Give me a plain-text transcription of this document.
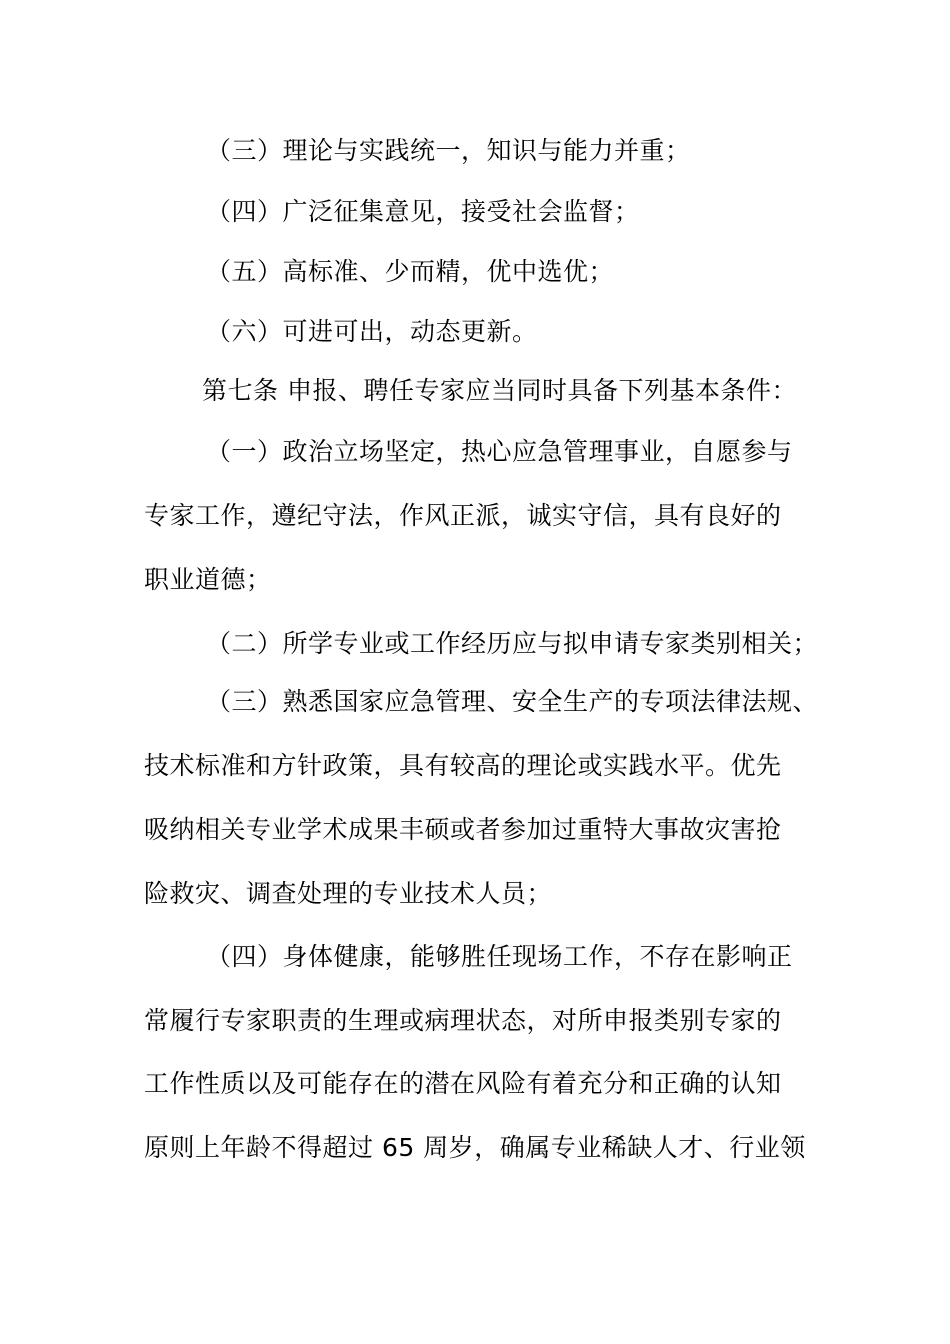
（三）理论与实践统一，知识与能力并重；
（四）广泛征集意见，接受社会监督；
（五）高标准、少而精，优中选优；
（六）可进可出，动态更新。
第七条 申报、聘任专家应当同时具备下列基本条件：
（一）政治立场坚定，热心应急管理事业，自愿参与
专家工作，遵纪守法，作风正派，诚实守信，具有良好的
职业道德；
（二）所学专业或工作经历应与拟申请专家类别相关；
（三）熟悉国家应急管理、安全生产的专项法律法规、
技术标准和方针政策，具有较高的理论或实践水平。优先
吸纳相关专业学术成果丰硕或者参加过重特大事故灾害抢
险救灾、调查处理的专业技术人员；
（四）身体健康，能够胜任现场工作，不存在影响正
常履行专家职责的生理或病理状态，对所申报类别专家的
工作性质以及可能存在的潜在风险有着充分和正确的认知
原则上年龄不得超过 65 周岁，确属专业稀缺人才、行业领
